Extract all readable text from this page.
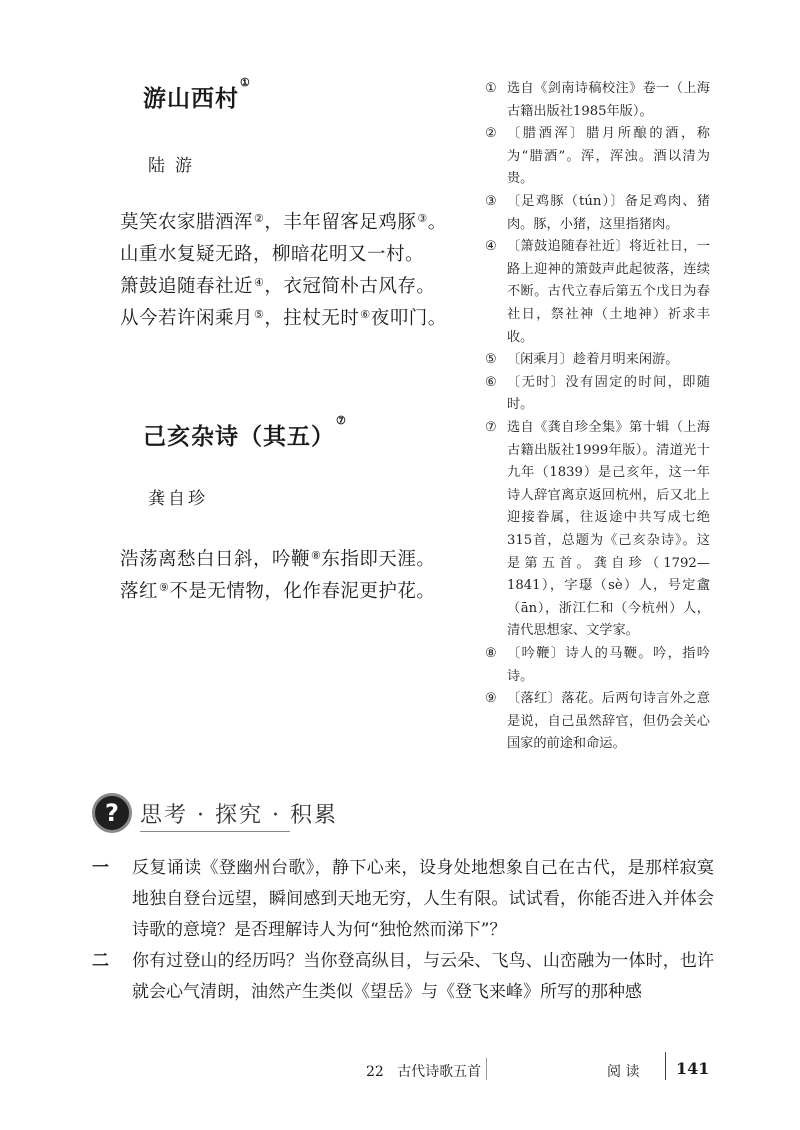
游山西村①
陆游
莫笑农家腊酒浑②，丰年留客足鸡豚③。
山重水复疑无路，柳暗花明又一村。
箫鼓追随春社近④，衣冠简朴古风存。
从今若许闲乘月⑤，拄杖无时⑥夜叩门。
① 选自《剑南诗稿校注》卷一（上海古籍出版社1985年版）。
② 〔腊酒浑〕腊月所酿的酒，称为“腊酒”。浑，浑浊。酒以清为贵。
③ 〔足鸡豚（tún）〕备足鸡肉、猪肉。豚，小猪，这里指猪肉。
④ 〔箫鼓追随春社近〕将近社日，一路上迎神的箫鼓声此起彼落，连续不断。古代立春后第五个戊日为春社日，祭社神（土地神）祈求丰收。
⑤ 〔闲乘月〕趁着月明来闲游。
⑥ 〔无时〕没有固定的时间，即随时。
己亥杂诗（其五）⑦
龚自珍
浩荡离愁白日斜，吟鞭⑧东指即天涯。
落红⑨不是无情物，化作春泥更护花。
⑦ 选自《龚自珍全集》第十辑（上海古籍出版社1999年版）。清道光十九年（1839）是己亥年，这一年诗人辞官离京返回杭州，后又北上迎接眷属，往返途中共写成七绝315首，总题为《己亥杂诗》。这是第五首。龚自珍（1792—1841），字璱（sè）人，号定盦（ān），浙江仁和（今杭州）人，清代思想家、文学家。
⑧ 〔吟鞭〕诗人的马鞭。吟，指吟诗。
⑨ 〔落红〕落花。后两句诗言外之意是说，自己虽然辞官，但仍会关心国家的前途和命运。
? 思考 · 探究 · 积累
一	反复诵读《登幽州台歌》，静下心来，设身处地想象自己在古代，是那样寂寞地独自登台远望，瞬间感到天地无穷，人生有限。试试看，你能否进入并体会诗歌的意境？是否理解诗人为何“独怆然而涕下”？
二	你有过登山的经历吗？当你登高纵目，与云朵、飞鸟、山峦融为一体时，也许就会心气清朗，油然产生类似《望岳》与《登飞来峰》所写的那种感
22 古代诗歌五首	阅 读 141
